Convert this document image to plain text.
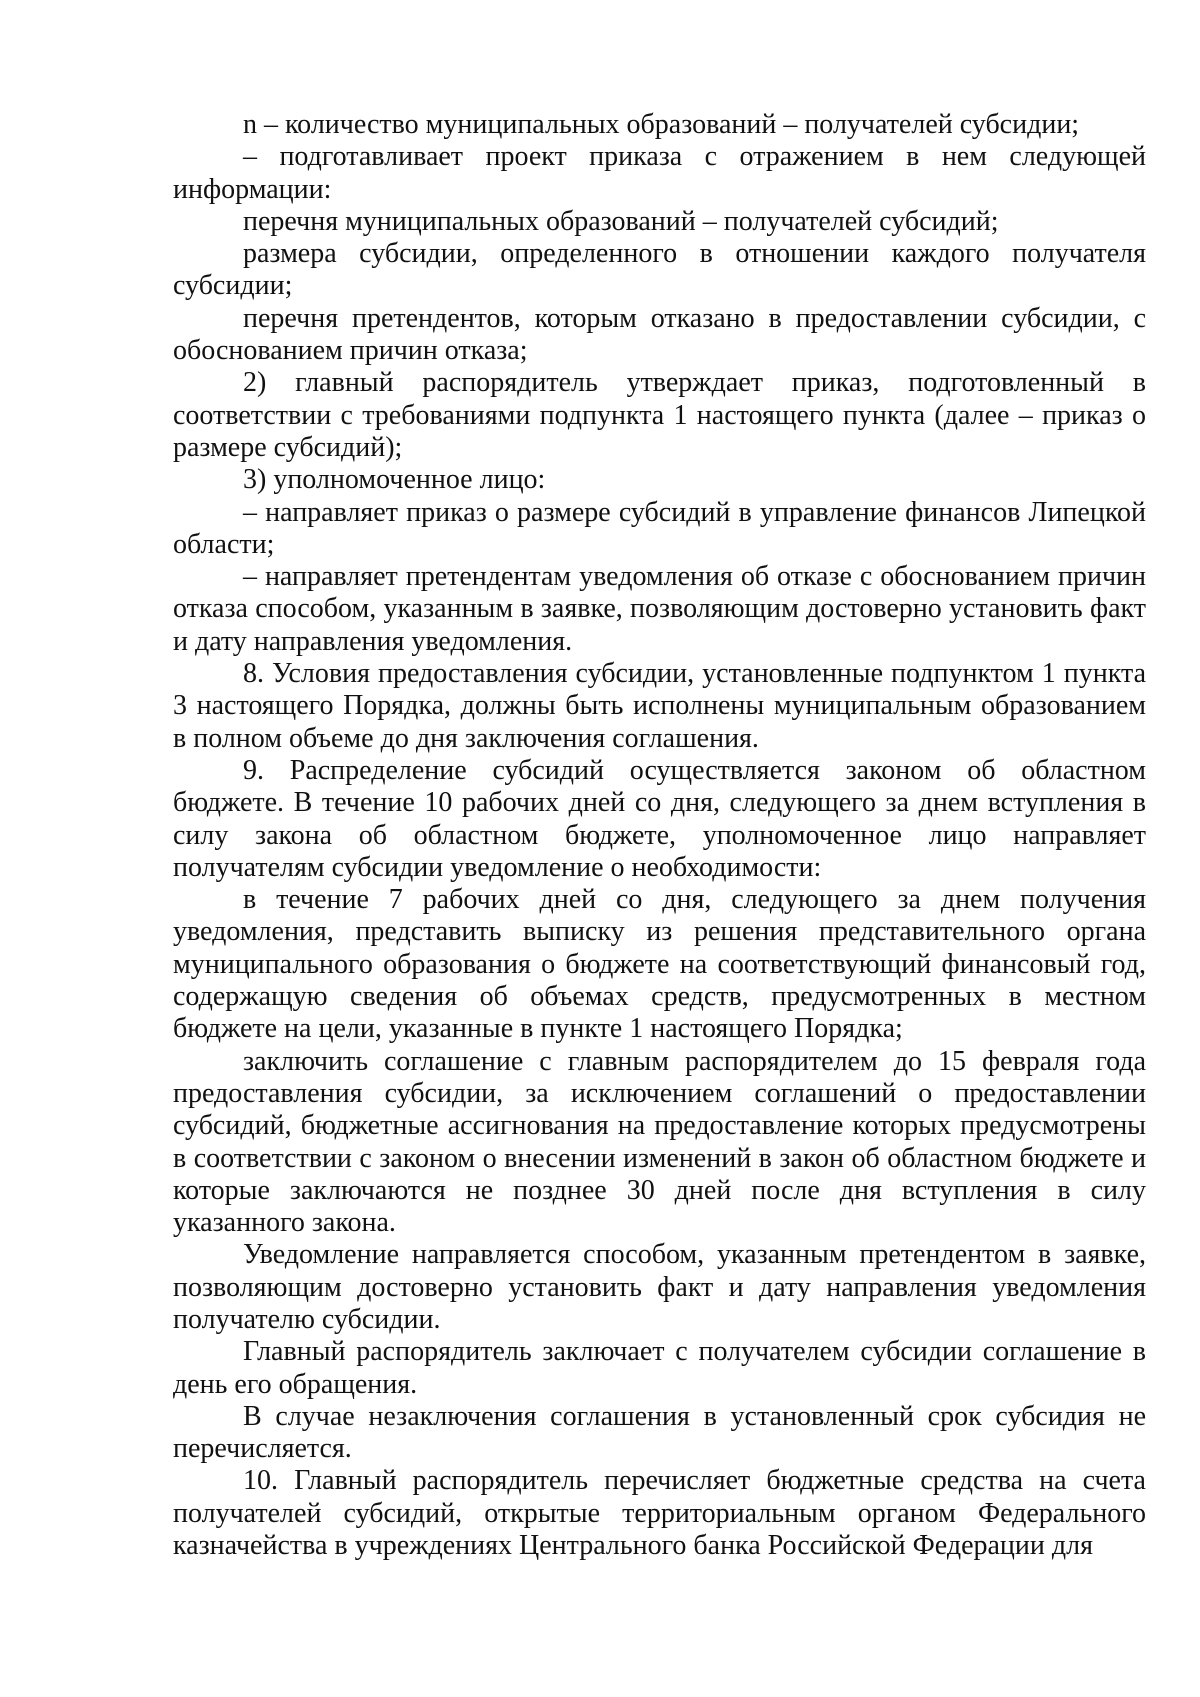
n – количество муниципальных образований – получателей субсидии;

– подготавливает проект приказа с отражением в нем следующей информации:

перечня муниципальных образований – получателей субсидий;

размера субсидии, определенного в отношении каждого получателя субсидии;

перечня претендентов, которым отказано в предоставлении субсидии, с обоснованием причин отказа;

2) главный распорядитель утверждает приказ, подготовленный в соответствии с требованиями подпункта 1 настоящего пункта (далее – приказ о размере субсидий);

3) уполномоченное лицо:

– направляет приказ о размере субсидий в управление финансов Липецкой области;

– направляет претендентам уведомления об отказе с обоснованием причин отказа способом, указанным в заявке, позволяющим достоверно установить факт и дату направления уведомления.

8. Условия предоставления субсидии, установленные подпунктом 1 пункта 3 настоящего Порядка, должны быть исполнены муниципальным образованием в полном объеме до дня заключения соглашения.

9. Распределение субсидий осуществляется законом об областном бюджете. В течение 10 рабочих дней со дня, следующего за днем вступления в силу закона об областном бюджете, уполномоченное лицо направляет получателям субсидии уведомление о необходимости:

в течение 7 рабочих дней со дня, следующего за днем получения уведомления, представить выписку из решения представительного органа муниципального образования о бюджете на соответствующий финансовый год, содержащую сведения об объемах средств, предусмотренных в местном бюджете на цели, указанные в пункте 1 настоящего Порядка;

заключить соглашение с главным распорядителем до 15 февраля года предоставления субсидии, за исключением соглашений о предоставлении субсидий, бюджетные ассигнования на предоставление которых предусмотрены в соответствии с законом о внесении изменений в закон об областном бюджете и которые заключаются не позднее 30 дней после дня вступления в силу указанного закона.

Уведомление направляется способом, указанным претендентом в заявке, позволяющим достоверно установить факт и дату направления уведомления получателю субсидии.

Главный распорядитель заключает с получателем субсидии соглашение в день его обращения.

В случае незаключения соглашения в установленный срок субсидия не перечисляется.

10. Главный распорядитель перечисляет бюджетные средства на счета получателей субсидий, открытые территориальным органом Федерального казначейства в учреждениях Центрального банка Российской Федерации для
